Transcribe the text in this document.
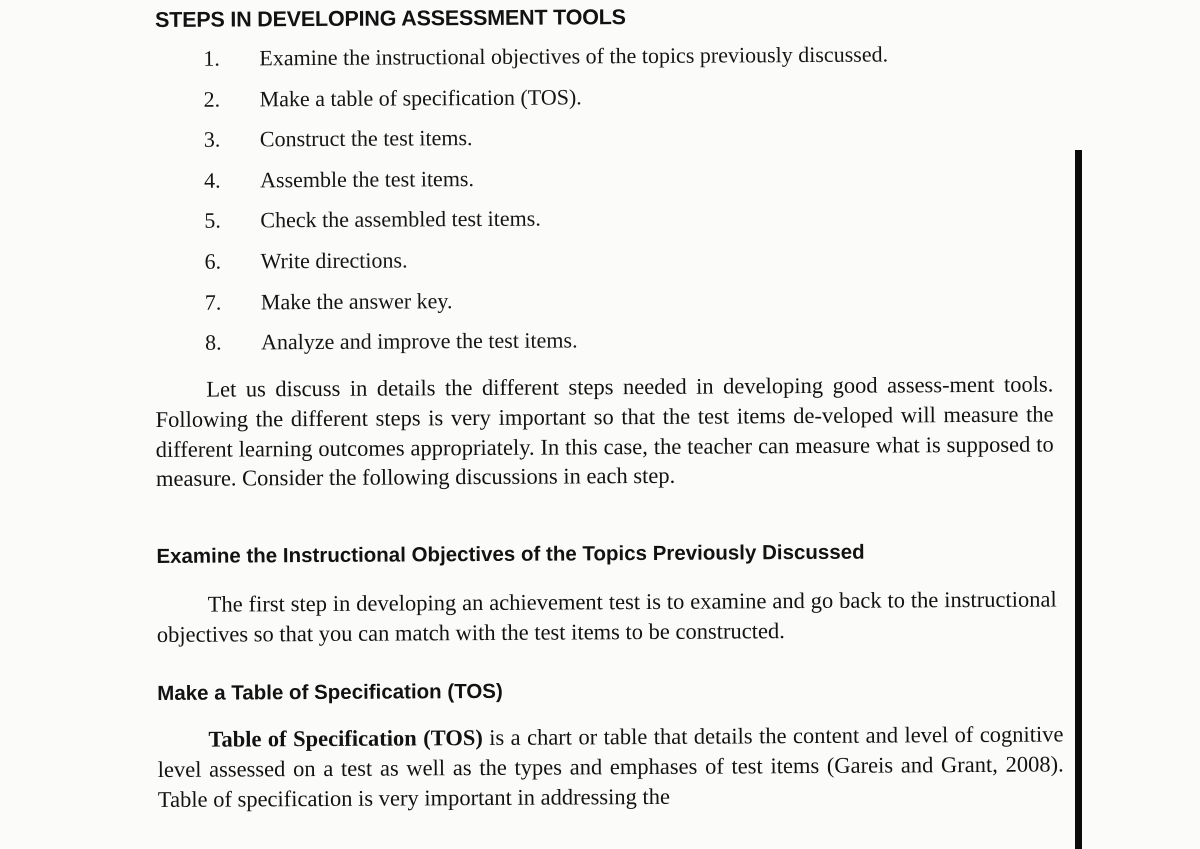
STEPS IN DEVELOPING ASSESSMENT TOOLS
1. Examine the instructional objectives of the topics previously discussed.
2. Make a table of specification (TOS).
3. Construct the test items.
4. Assemble the test items.
5. Check the assembled test items.
6. Write directions.
7. Make the answer key.
8. Analyze and improve the test items.

Let us discuss in details the different steps needed in developing good assess-ment tools. Following the different steps is very important so that the test items de-veloped will measure the different learning outcomes appropriately. In this case, the teacher can measure what is supposed to measure. Consider the following discussions in each step.

Examine the Instructional Objectives of the Topics Previously Discussed

The first step in developing an achievement test is to examine and go back to the instructional objectives so that you can match with the test items to be constructed.

Make a Table of Specification (TOS)

Table of Specification (TOS) is a chart or table that details the content and level of cognitive level assessed on a test as well as the types and emphases of test items (Gareis and Grant, 2008). Table of specification is very important in addressing the
